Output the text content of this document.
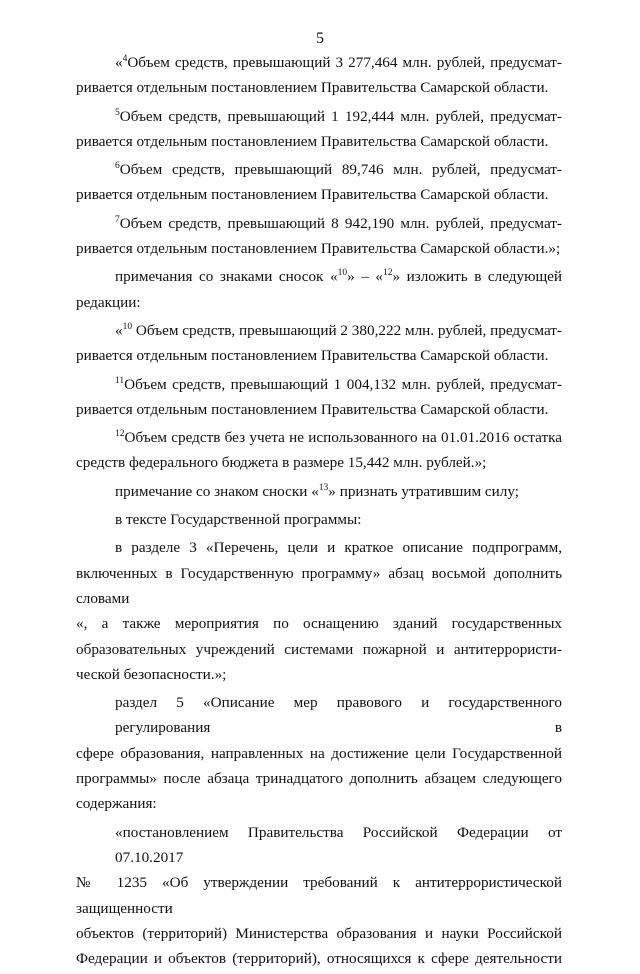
5
«$^4$Объем средств, превышающий 3 277,464 млн. рублей, предусмат-
ривается отдельным постановлением Правительства Самарской области.
$^5$Объем средств, превышающий 1 192,444 млн. рублей, предусмат-
ривается отдельным постановлением Правительства Самарской области.
$^6$Объем средств, превышающий 89,746 млн. рублей, предусмат-
ривается отдельным постановлением Правительства Самарской области.
$^7$Объем средств, превышающий 8 942,190 млн. рублей, предусмат-
ривается отдельным постановлением Правительства Самарской области.»;
примечания со знаками сносок «$^{10}$» – «$^{12}$» изложить в следующей
редакции:
«$^{10}$ Объем средств, превышающий 2 380,222 млн. рублей, предусмат-
ривается отдельным постановлением Правительства Самарской области.
$^{11}$Объем средств, превышающий 1 004,132 млн. рублей, предусмат-
ривается отдельным постановлением Правительства Самарской области.
$^{12}$Объем средств без учета не использованного на 01.01.2016 остатка
средств федерального бюджета в размере 15,442 млн. рублей.»;
примечание со знаком сноски «$^{13}$» признать утратившим силу;
в тексте Государственной программы:
в разделе 3 «Перечень, цели и краткое описание подпрограмм,
включенных в Государственную программу» абзац восьмой дополнить словами
«, а также мероприятия по оснащению зданий государственных
образовательных учреждений системами пожарной и антитеррористи-
ческой безопасности.»;
раздел 5 «Описание мер правового и государственного регулирования в
сфере образования, направленных на достижение цели Государственной
программы» после абзаца тринадцатого дополнить абзацем следующего
содержания:
«постановлением Правительства Российской Федерации от 07.10.2017
№ 1235 «Об утверждении требований к антитеррористической защищенности
объектов (территорий) Министерства образования и науки Российской
Федерации и объектов (территорий), относящихся к сфере деятельности
